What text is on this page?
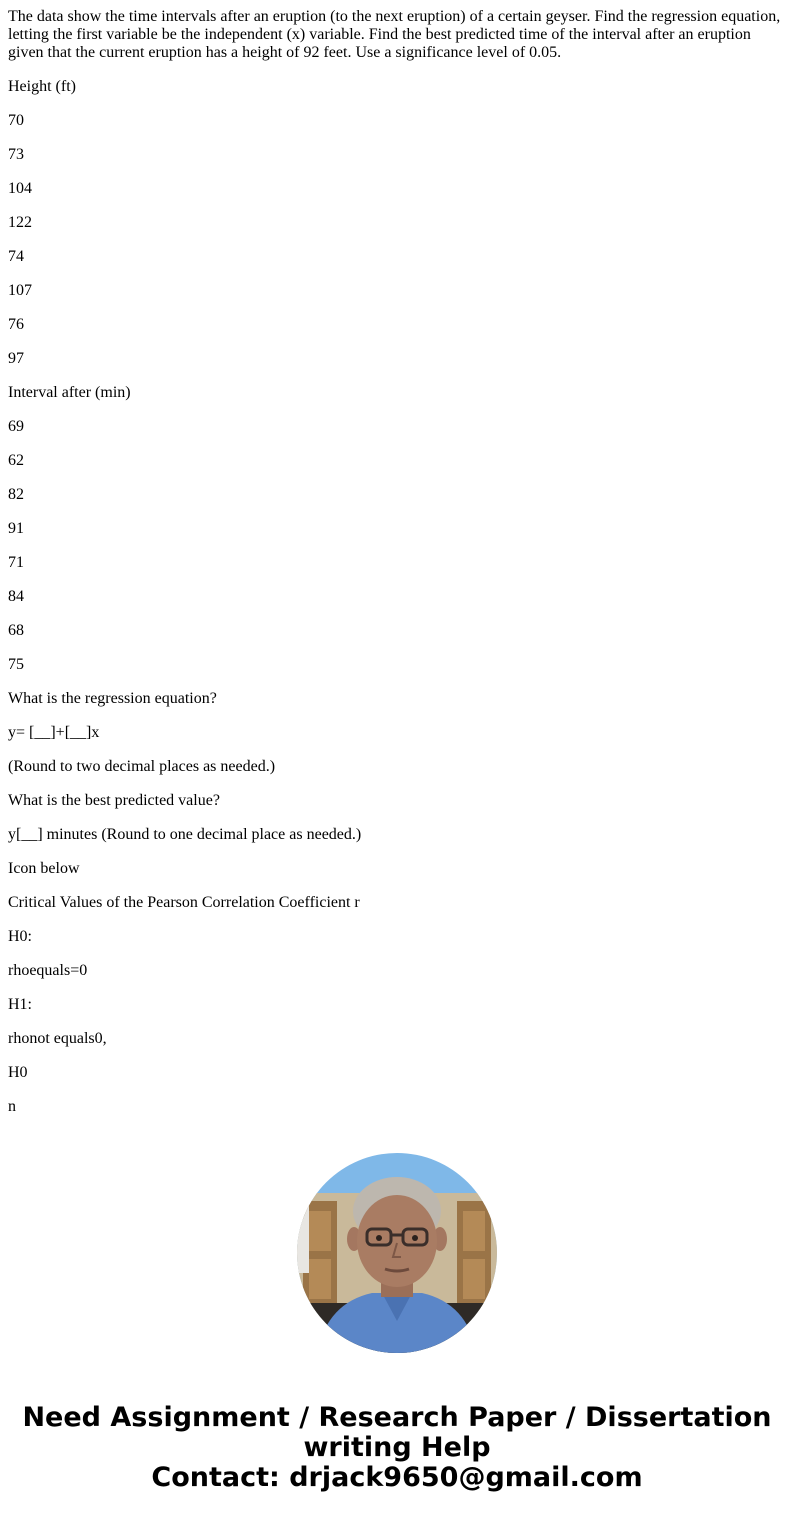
The data show the time intervals after an eruption (to the next eruption) of a certain geyser. Find the regression equation, letting the first variable be the independent (x) variable. Find the best predicted time of the interval after an eruption given that the current eruption has a height of 92 feet. Use a significance level of 0.05.

Height (ft)

70

73

104

122

74

107

76

97

Interval after (min)

69

62

82

91

71

84

68

75

What is the regression equation?

y= [__]+[__]x

(Round to two decimal places as needed.)

What is the best predicted value?

y[__] minutes (Round to one decimal place as needed.)

Icon below

Critical Values of the Pearson Correlation Coefficient r

H0:

rhoequals=0

H1:

rhonot equals0,

H0

n

Need Assignment / Research Paper / Dissertation
writing Help
Contact: drjack9650@gmail.com
